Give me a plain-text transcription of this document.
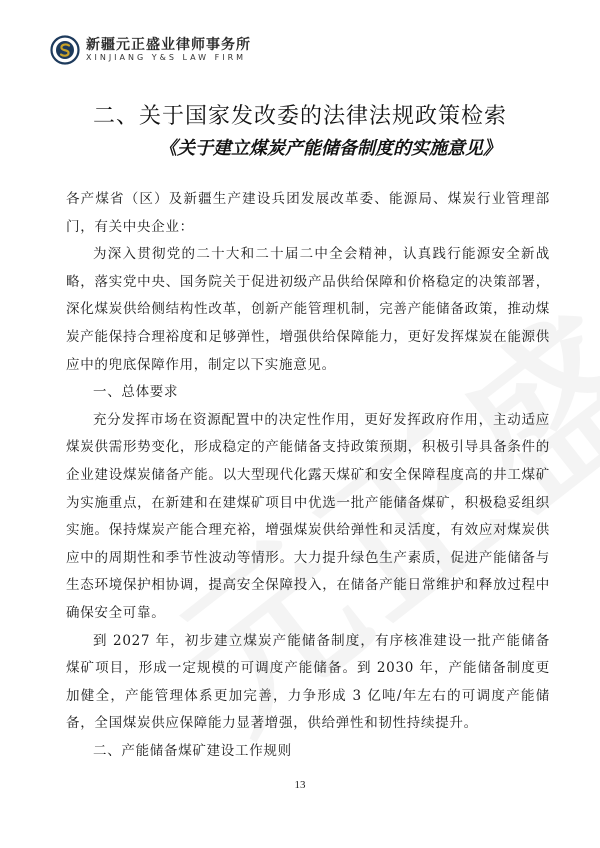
新疆元正盛业律师事务所
XINJIANG Y&S LAW FIRM
二、关于国家发改委的法律法规政策检索
《关于建立煤炭产能储备制度的实施意见》

各产煤省（区）及新疆生产建设兵团发展改革委、能源局、煤炭行业管理部门，有关中央企业：

为深入贯彻党的二十大和二十届二中全会精神，认真践行能源安全新战略，落实党中央、国务院关于促进初级产品供给保障和价格稳定的决策部署，深化煤炭供给侧结构性改革，创新产能管理机制，完善产能储备政策，推动煤炭产能保持合理裕度和足够弹性，增强供给保障能力，更好发挥煤炭在能源供应中的兜底保障作用，制定以下实施意见。

一、总体要求

充分发挥市场在资源配置中的决定性作用，更好发挥政府作用，主动适应煤炭供需形势变化，形成稳定的产能储备支持政策预期，积极引导具备条件的企业建设煤炭储备产能。以大型现代化露天煤矿和安全保障程度高的井工煤矿为实施重点，在新建和在建煤矿项目中优选一批产能储备煤矿，积极稳妥组织实施。保持煤炭产能合理充裕，增强煤炭供给弹性和灵活度，有效应对煤炭供应中的周期性和季节性波动等情形。大力提升绿色生产素质，促进产能储备与生态环境保护相协调，提高安全保障投入，在储备产能日常维护和释放过程中确保安全可靠。

到 2027 年，初步建立煤炭产能储备制度，有序核准建设一批产能储备煤矿项目，形成一定规模的可调度产能储备。到 2030 年，产能储备制度更加健全，产能管理体系更加完善，力争形成 3 亿吨/年左右的可调度产能储备，全国煤炭供应保障能力显著增强，供给弹性和韧性持续提升。

二、产能储备煤矿建设工作规则

13
